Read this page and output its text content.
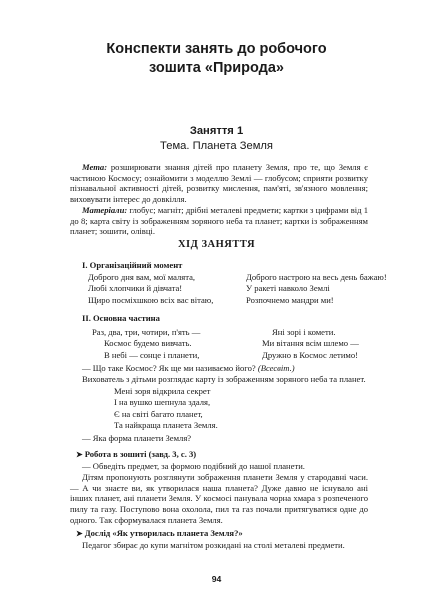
Конспекти занять до робочого
зошита «Природа»
Заняття 1
Тема. Планета Земля
Мета: розширювати знання дітей про планету Земля, про те, що Земля є частиною Космосу; ознайомити з моделлю Землі — глобусом; сприяти розвитку пізнавальної активності дітей, розвитку мислення, пам'яті, зв'язного мовлення; виховувати інтерес до довкілля.
Матеріали: глобус; магніт; дрібні металеві предмети; картки з цифрами від 1 до 8; карта світу із зображенням зоряного неба та планет; картки із зображенням планет; зошити, олівці.
ХІД ЗАНЯТТЯ
І. Організаційний момент
Доброго дня вам, мої малята,
Любі хлопчики й дівчата!
Щиро посміхшкою всіх вас вітаю,
Доброго настрою на весь день бажаю!
У ракеті навколо Землі
Розпочнемо мандри ми!
ІІ. Основна частина
Раз, два, три, чотири, п'ять —
Космос будемо вивчать.
В небі — сонце і планети,
Яні зорі і комети.
Ми вітання всім шлемо —
Дружно в Космос летимо!
— Що таке Космос? Як ще ми називаємо його? (Всесвіт.)
Вихователь з дітьми розглядає карту із зображенням зоряного неба та планет.
Мені зоря відкрила секрет
І на вушко шепнула здаля,
Є на світі багато планет,
Та найкраща планета Земля.
— Яка форма планети Земля?
➤ Робота в зошиті (завд. 3, с. 3)
— Обведіть предмет, за формою подібний до нашої планети.
Дітям пропонують розглянути зображення планети Земля у стародавні часи. — А чи знаєте ви, як утворилася наша планета? Дуже давно не існувало ані інших планет, ані планети Земля. У космосі панувала чорна хмара з розпеченого пилу та газу. Поступово вона охолола, пил та газ почали притягуватися одне до одного. Так сформувалася планета Земля.
➤ Дослід «Як утворилась планета Земля?»
Педагог збирає до купи магнітом розкидані на столі металеві предмети.
94
